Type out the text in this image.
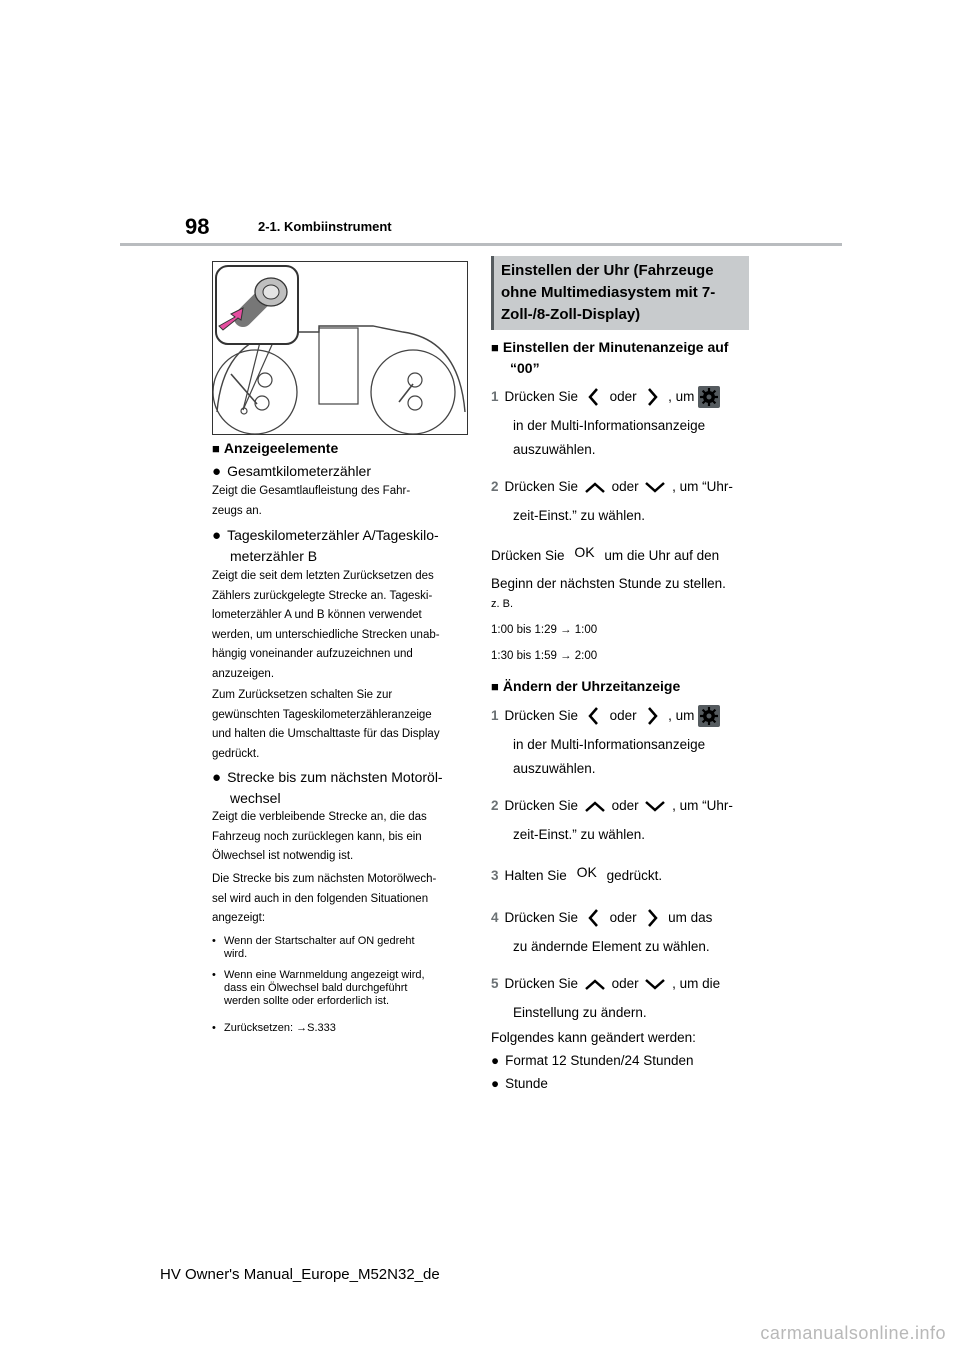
98	2-1. Kombiinstrument
■ Anzeigeelemente
● Gesamtkilometerzähler
Zeigt die Gesamtlaufleistung des Fahr-
zeugs an.
● Tageskilometerzähler A/Tageskilo-
meterzähler B
Zeigt die seit dem letzten Zurücksetzen des
Zählers zurückgelegte Strecke an. Tageski-
lometerzähler A und B können verwendet
werden, um unterschiedliche Strecken unab-
hängig voneinander aufzuzeichnen und
anzuzeigen.
Zum Zurücksetzen schalten Sie zur
gewünschten Tageskilometerzähleranzeige
und halten die Umschalttaste für das Display
gedrückt.
● Strecke bis zum nächsten Motoröl-
wechsel
Zeigt die verbleibende Strecke an, die das
Fahrzeug noch zurücklegen kann, bis ein
Ölwechsel ist notwendig ist.
Die Strecke bis zum nächsten Motorölwech-
sel wird auch in den folgenden Situationen
angezeigt:
• Wenn der Startschalter auf ON gedreht
wird.
• Wenn eine Warnmeldung angezeigt wird,
dass ein Ölwechsel bald durchgeführt
werden sollte oder erforderlich ist.
• Zurücksetzen: →S.333
Einstellen der Uhr (Fahrzeuge
ohne Multimediasystem mit 7-
Zoll-/8-Zoll-Display)
■ Einstellen der Minutenanzeige auf
“00”
1 Drücken Sie oder , um
in der Multi-Informationsanzeige
auszuwählen.
2 Drücken Sie oder , um “Uhr-
zeit-Einst.” zu wählen.
Drücken Sie OK um die Uhr auf den
Beginn der nächsten Stunde zu stellen.
z. B.
1:00 bis 1:29 → 1:00
1:30 bis 1:59 → 2:00
■ Ändern der Uhrzeitanzeige
1 Drücken Sie oder , um
in der Multi-Informationsanzeige
auszuwählen.
2 Drücken Sie oder , um “Uhr-
zeit-Einst.” zu wählen.
3 Halten Sie OK gedrückt.
4 Drücken Sie oder um das
zu ändernde Element zu wählen.
5 Drücken Sie oder , um die
Einstellung zu ändern.
Folgendes kann geändert werden:
● Format 12 Stunden/24 Stunden
● Stunde
HV Owner's Manual_Europe_M52N32_de
carmanualsonline.info
